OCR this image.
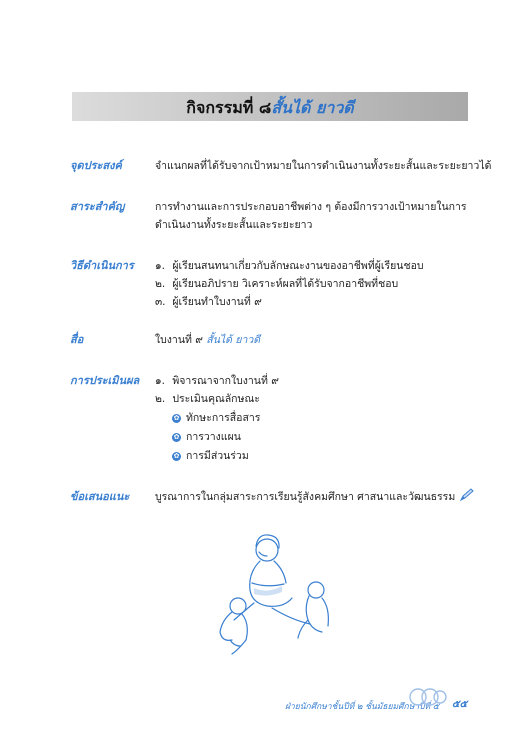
กิจกรรมที่ ๘สั้นได้ ยาวดี
จุดประสงค์	จำแนกผลที่ได้รับจากเป้าหมายในการดำเนินงานทั้งระยะสั้นและระยะยาวได้
สาระสำคัญ	การทำงานและการประกอบอาชีพต่าง ๆ ต้องมีการวางเป้าหมายในการ
ดำเนินงานทั้งระยะสั้นและระยะยาว
วิธีดำเนินการ ๑. ผู้เรียนสนทนาเกี่ยวกับลักษณะงานของอาชีพที่ผู้เรียนชอบ
๒. ผู้เรียนอภิปราย วิเคราะห์ผลที่ได้รับจากอาชีพที่ชอบ
๓. ผู้เรียนทำใบงานที่ ๙
สื่อ	ใบงานที่ ๙ สั้นได้ ยาวดี
การประเมินผล ๑. พิจารณาจากใบงานที่ ๙
๒. ประเมินคุณลักษณะ
✿ ทักษะการสื่อสาร
✿ การวางแผน
✿ การมีส่วนร่วม
ข้อเสนอแนะ บูรณาการในกลุ่มสาระการเรียนรู้สังคมศึกษา ศาสนาและวัฒนธรรม
ฝ่ายนักศึกษาชั้นปีที่ ๒ ชั้นมัธยมศึกษาปีที่ ๕ ๕๕
